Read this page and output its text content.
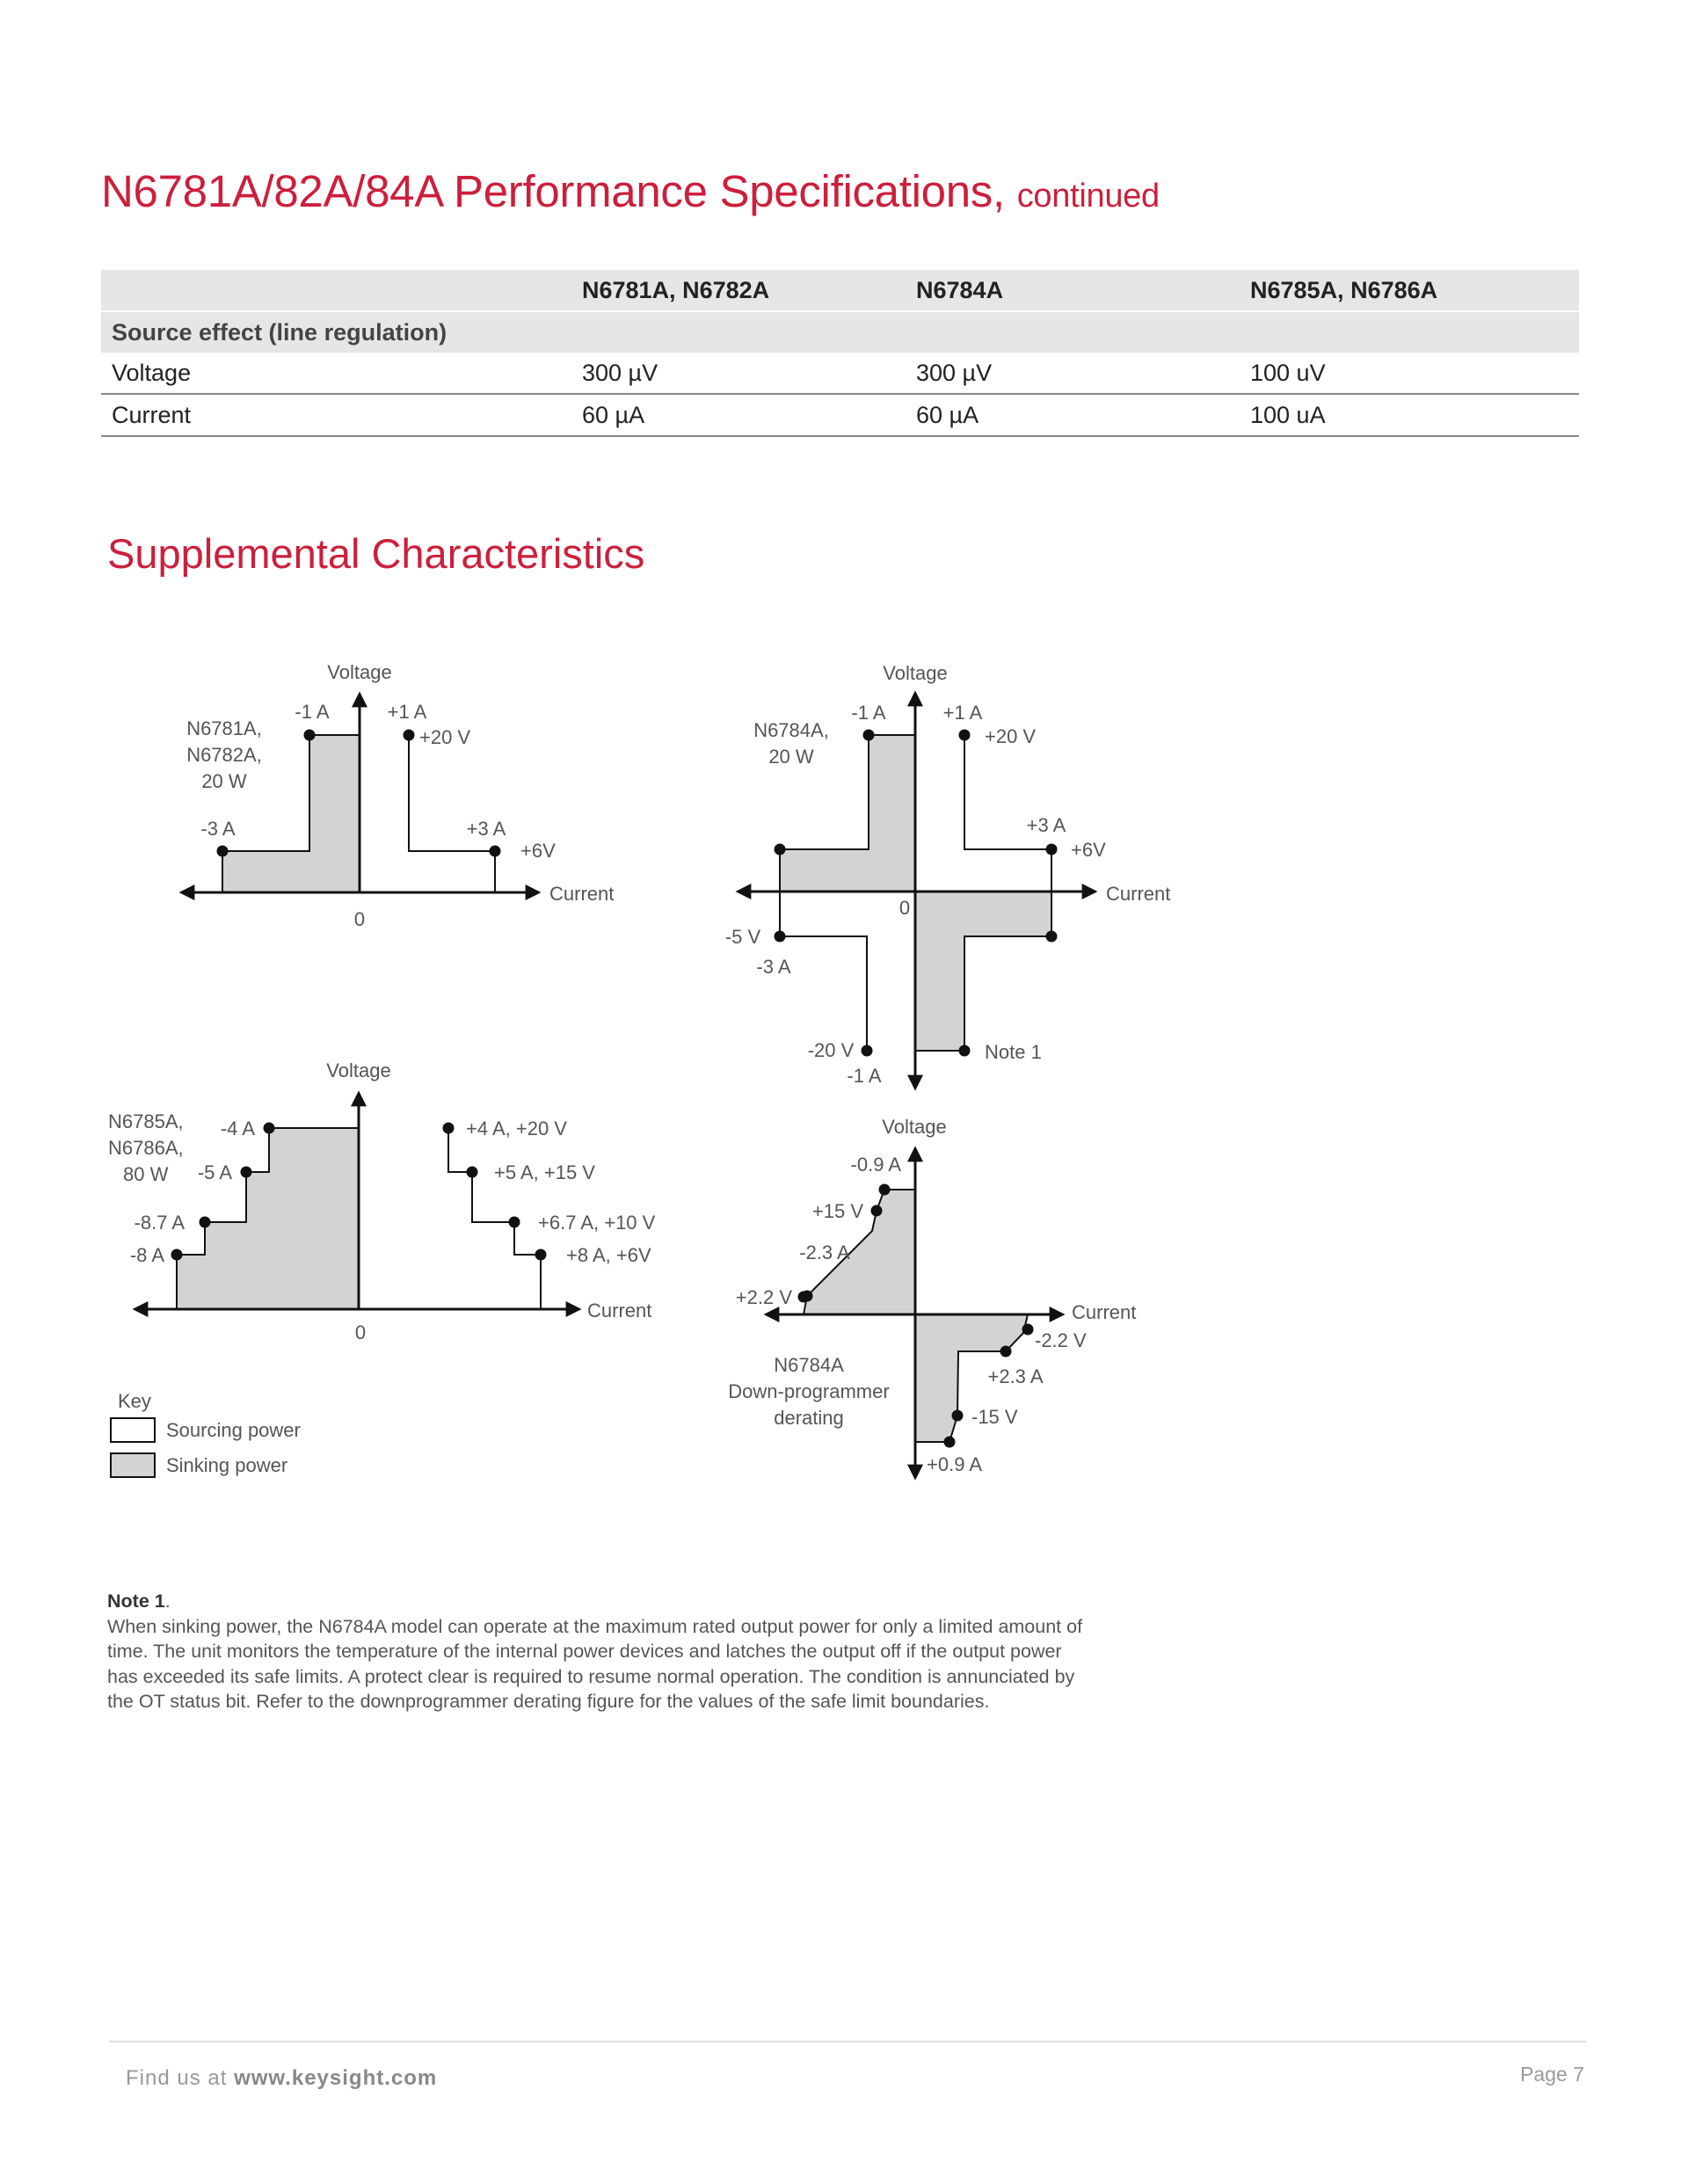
N6781A/82A/84A Performance Specifications, continued
	N6781A, N6782A	N6784A	N6785A, N6786A
Source effect (line regulation)			
Voltage	300 µV	300 µV	100 uV
Current	60 µA	60 µA	100 uA
Supplemental Characteristics
Voltage
Current
0
-1 A	+1 A
+20 V
-3 A	+3 A
+6V
N6781A,
N6782A,
20 W
Voltage
Current
0
-1 A	+1 A
+20 V
+3 A
+6V
-5 V
-3 A
-20 V
-1 A
Note 1
N6784A,
20 W
Voltage
Current
0
-4 A
-5 A
-8.7 A
-8 A
+4 A, +20 V
+5 A, +15 V
+6.7 A, +10 V
+8 A, +6V
N6785A,
N6786A,
80 W
Voltage
Current
-0.9 A
+15 V
-2.3 A
+2.2 V
-2.2 V
+2.3 A
-15 V
+0.9 A
N6784A
Down-programmer
derating
Key
Sourcing power
Sinking power
Note 1.
When sinking power, the N6784A model can operate at the maximum rated output power for only a limited amount of time. The unit monitors the temperature of the internal power devices and latches the output off if the output power has exceeded its safe limits. A protect clear is required to resume normal operation. The condition is annunciated by the OT status bit. Refer to the downprogrammer derating figure for the values of the safe limit boundaries.
Find us at www.keysight.com	Page 7
